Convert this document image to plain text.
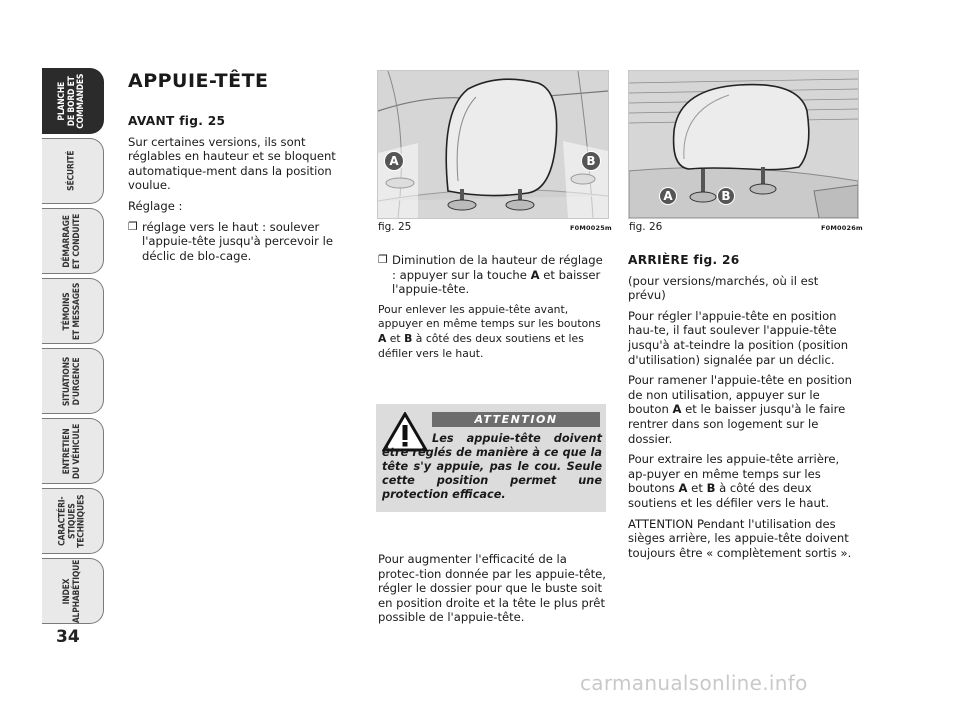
PLANCHE
DE BORD ET
COMMANDES
SÉCURITÉ
DÉMARRAGE
ET CONDUITE
TÉMOINS
ET MESSAGES
SITUATIONS
D'URGENCE
ENTRETIEN
DU VÉHICULE
CARACTÉRI-
STIQUES
TECHNIQUES
INDEX
ALPHABÉTIQUE
34
APPUIE-TÊTE

AVANT fig. 25

Sur certaines versions, ils sont réglables en hauteur et se bloquent automatique-ment dans la position voulue.

Réglage :

❐ réglage vers le haut : soulever l'appuie-tête jusqu'à percevoir le déclic de blo-cage.
A	B
fig. 25	F0M0025m
❐ Diminution de la hauteur de réglage : appuyer sur la touche A et baisser l'appuie-tête.

Pour enlever les appuie-tête avant, appuyer en même temps sur les boutons A et B à côté des deux soutiens et les défiler vers le haut.

ATTENTION
Les appuie-tête doivent être réglés de manière à ce que la tête s'y appuie, pas le cou. Seule cette position permet une protection efficace.

Pour augmenter l'efficacité de la protec-tion donnée par les appuie-tête, régler le dossier pour que le buste soit en position droite et la tête le plus prêt possible de l'appuie-tête.

A	B
fig. 26	F0M0026m

ARRIÈRE fig. 26

(pour versions/marchés, où il est prévu)

Pour régler l'appuie-tête en position hau-te, il faut soulever l'appuie-tête jusqu'à at-teindre la position (position d'utilisation) signalée par un déclic.

Pour ramener l'appuie-tête en position de non utilisation, appuyer sur le bouton A et le baisser jusqu'à le faire rentrer dans son logement sur le dossier.

Pour extraire les appuie-tête arrière, ap-puyer en même temps sur les boutons A et B à côté des deux soutiens et les défiler vers le haut.

ATTENTION Pendant l'utilisation des sièges arrière, les appuie-tête doivent toujours être « complètement sortis ».

carmanualsonline.info
